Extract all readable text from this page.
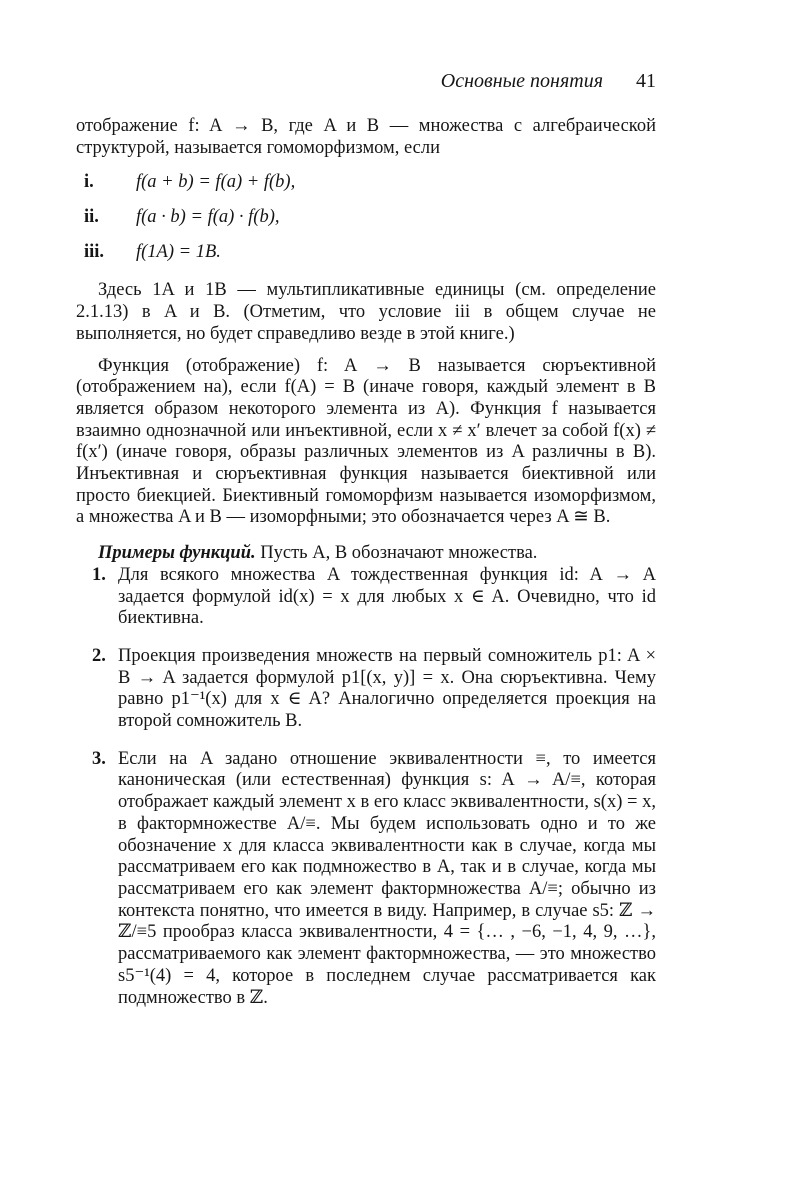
Основные понятия 41

отображение f: A → B, где A и B — множества с алгебраической структурой, называется гомоморфизмом, если

i.	f(a + b) = f(a) + f(b),
ii.	f(a · b) = f(a) · f(b),
iii.	f(1A) = 1B.

Здесь 1A и 1B — мультипликативные единицы (см. определение 2.1.13) в A и B. (Отметим, что условие iii в общем случае не выполняется, но будет справедливо везде в этой книге.)

Функция (отображение) f: A → B называется сюръективной (отображением на), если f(A) = B (иначе говоря, каждый элемент в B является образом некоторого элемента из A). Функция f называется взаимно однозначной или инъективной, если x ≠ x′ влечет за собой f(x) ≠ f(x′) (иначе говоря, образы различных элементов из A различны в B). Инъективная и сюръективная функция называется биективной или просто биекцией. Биективный гомоморфизм называется изоморфизмом, а множества A и B — изоморфными; это обозначается через A ≅ B.

Примеры функций. Пусть A, B обозначают множества.

1. Для всякого множества A тождественная функция id: A → A задается формулой id(x) = x для любых x ∈ A. Очевидно, что id биективна.
2. Проекция произведения множеств на первый сомножитель p1: A × B → A задается формулой p1[(x, y)] = x. Она сюръективна. Чему равно p1⁻¹(x) для x ∈ A? Аналогично определяется проекция на второй сомножитель B.
3. Если на A задано отношение эквивалентности ≡, то имеется каноническая (или естественная) функция s: A → A/≡, которая отображает каждый элемент x в его класс эквивалентности, s(x) = x, в фактормножестве A/≡. Мы будем использовать одно и то же обозначение x для класса эквивалентности как в случае, когда мы рассматриваем его как подмножество в A, так и в случае, когда мы рассматриваем его как элемент фактормножества A/≡; обычно из контекста понятно, что имеется в виду. Например, в случае s5: ℤ → ℤ/≡5 прообраз класса эквивалентности, 4 = {… , −6, −1, 4, 9, …}, рассматриваемого как элемент фактормножества, — это множество s5⁻¹(4) = 4, которое в последнем случае рассматривается как подмножество в ℤ.
